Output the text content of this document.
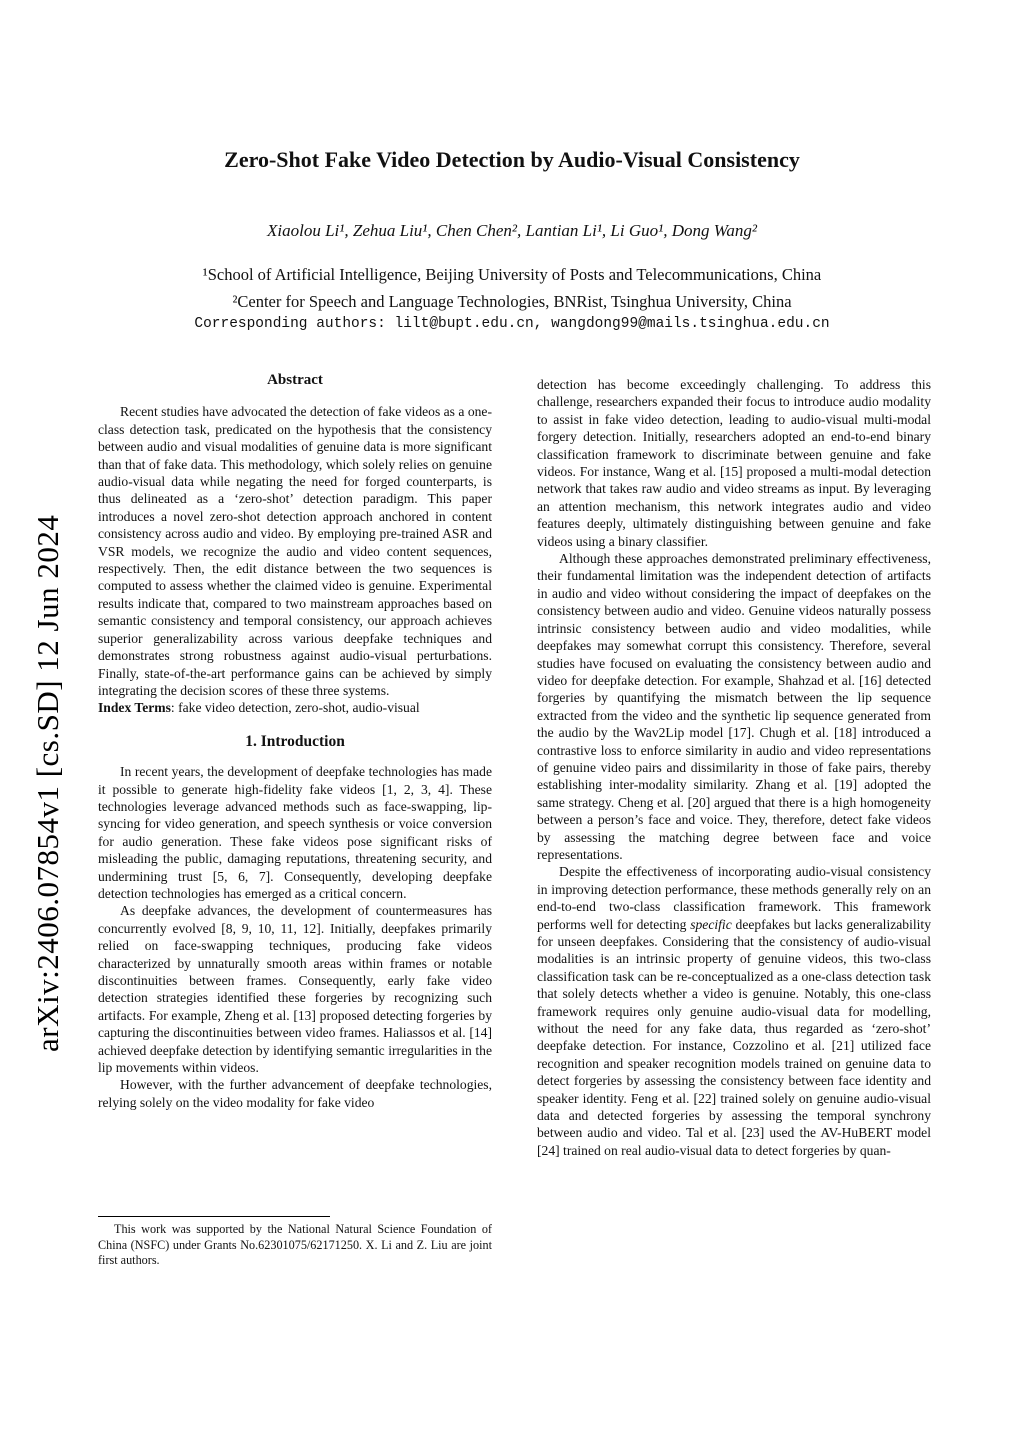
arXiv:2406.07854v1 [cs.SD] 12 Jun 2024
Zero-Shot Fake Video Detection by Audio-Visual Consistency
Xiaolou Li¹, Zehua Liu¹, Chen Chen², Lantian Li¹, Li Guo¹, Dong Wang²
¹School of Artificial Intelligence, Beijing University of Posts and Telecommunications, China
²Center for Speech and Language Technologies, BNRist, Tsinghua University, China
Corresponding authors: lilt@bupt.edu.cn, wangdong99@mails.tsinghua.edu.cn
Abstract

Recent studies have advocated the detection of fake videos as a one-class detection task, predicated on the hypothesis that the consistency between audio and visual modalities of genuine data is more significant than that of fake data. This methodology, which solely relies on genuine audio-visual data while negating the need for forged counterparts, is thus delineated as a ‘zero-shot’ detection paradigm. This paper introduces a novel zero-shot detection approach anchored in content consistency across audio and video. By employing pre-trained ASR and VSR models, we recognize the audio and video content sequences, respectively. Then, the edit distance between the two sequences is computed to assess whether the claimed video is genuine. Experimental results indicate that, compared to two mainstream approaches based on semantic consistency and temporal consistency, our approach achieves superior generalizability across various deepfake techniques and demonstrates strong robustness against audio-visual perturbations. Finally, state-of-the-art performance gains can be achieved by simply integrating the decision scores of these three systems.

Index Terms: fake video detection, zero-shot, audio-visual

1. Introduction

In recent years, the development of deepfake technologies has made it possible to generate high-fidelity fake videos [1, 2, 3, 4]. These technologies leverage advanced methods such as face-swapping, lip-syncing for video generation, and speech synthesis or voice conversion for audio generation. These fake videos pose significant risks of misleading the public, damaging reputations, threatening security, and undermining trust [5, 6, 7]. Consequently, developing deepfake detection technologies has emerged as a critical concern.

As deepfake advances, the development of countermeasures has concurrently evolved [8, 9, 10, 11, 12]. Initially, deepfakes primarily relied on face-swapping techniques, producing fake videos characterized by unnaturally smooth areas within frames or notable discontinuities between frames. Consequently, early fake video detection strategies identified these forgeries by recognizing such artifacts. For example, Zheng et al. [13] proposed detecting forgeries by capturing the discontinuities between video frames. Haliassos et al. [14] achieved deepfake detection by identifying semantic irregularities in the lip movements within videos.

However, with the further advancement of deepfake technologies, relying solely on the video modality for fake video

detection has become exceedingly challenging. To address this challenge, researchers expanded their focus to introduce audio modality to assist in fake video detection, leading to audio-visual multi-modal forgery detection. Initially, researchers adopted an end-to-end binary classification framework to discriminate between genuine and fake videos. For instance, Wang et al. [15] proposed a multi-modal detection network that takes raw audio and video streams as input. By leveraging an attention mechanism, this network integrates audio and video features deeply, ultimately distinguishing between genuine and fake videos using a binary classifier.

Although these approaches demonstrated preliminary effectiveness, their fundamental limitation was the independent detection of artifacts in audio and video without considering the impact of deepfakes on the consistency between audio and video. Genuine videos naturally possess intrinsic consistency between audio and video modalities, while deepfakes may somewhat corrupt this consistency. Therefore, several studies have focused on evaluating the consistency between audio and video for deepfake detection. For example, Shahzad et al. [16] detected forgeries by quantifying the mismatch between the lip sequence extracted from the video and the synthetic lip sequence generated from the audio by the Wav2Lip model [17]. Chugh et al. [18] introduced a contrastive loss to enforce similarity in audio and video representations of genuine video pairs and dissimilarity in those of fake pairs, thereby establishing inter-modality similarity. Zhang et al. [19] adopted the same strategy. Cheng et al. [20] argued that there is a high homogeneity between a person’s face and voice. They, therefore, detect fake videos by assessing the matching degree between face and voice representations.

Despite the effectiveness of incorporating audio-visual consistency in improving detection performance, these methods generally rely on an end-to-end two-class classification framework. This framework performs well for detecting specific deepfakes but lacks generalizability for unseen deepfakes. Considering that the consistency of audio-visual modalities is an intrinsic property of genuine videos, this two-class classification task can be re-conceptualized as a one-class detection task that solely detects whether a video is genuine. Notably, this one-class framework requires only genuine audio-visual data for modelling, without the need for any fake data, thus regarded as ‘zero-shot’ deepfake detection. For instance, Cozzolino et al. [21] utilized face recognition and speaker recognition models trained on genuine data to detect forgeries by assessing the consistency between face identity and speaker identity. Feng et al. [22] trained solely on genuine audio-visual data and detected forgeries by assessing the temporal synchrony between audio and video. Tal et al. [23] used the AV-HuBERT model [24] trained on real audio-visual data to detect forgeries by quan-

This work was supported by the National Natural Science Foundation of China (NSFC) under Grants No.62301075/62171250. X. Li and Z. Liu are joint first authors.
